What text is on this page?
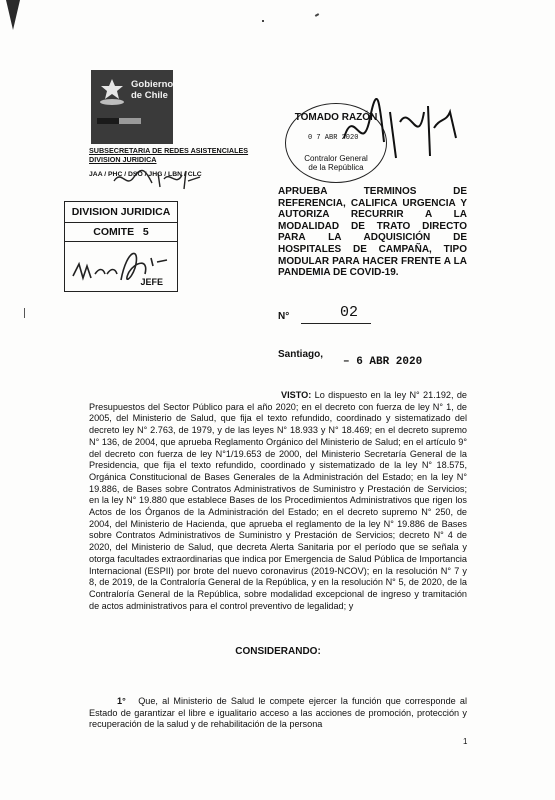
Gobierno
de Chile
SUBSECRETARIA DE REDES ASISTENCIALES
DIVISION JURIDICA
JAA / PHC / DSO / JHG / LBN / CLC
DIVISION JURIDICA
COMITE 5
JEFE
TOMADO RAZÓN
0 7 ABR 2020
Contralor General
de la República
APRUEBA TERMINOS DE REFERENCIA, CALIFICA URGENCIA Y AUTORIZA RECURRIR A LA MODALIDAD DE TRATO DIRECTO PARA LA ADQUISICIÓN DE HOSPITALES DE CAMPAÑA, TIPO MODULAR PARA HACER FRENTE A LA PANDEMIA DE COVID-19.
N°	02
Santiago,
– 6 ABR 2020
VISTO: Lo dispuesto en la ley N° 21.192, de Presupuestos del Sector Público para el año 2020; en el decreto con fuerza de ley N° 1, de 2005, del Ministerio de Salud, que fija el texto refundido, coordinado y sistematizado del decreto ley N° 2.763, de 1979, y de las leyes N° 18.933 y N° 18.469; en el decreto supremo N° 136, de 2004, que aprueba Reglamento Orgánico del Ministerio de Salud; en el artículo 9° del decreto con fuerza de ley N°1/19.653 de 2000, del Ministerio Secretaría General de la Presidencia, que fija el texto refundido, coordinado y sistematizado de la ley N° 18.575, Orgánica Constitucional de Bases Generales de la Administración del Estado; en la ley N° 19.886, de Bases sobre Contratos Administrativos de Suministro y Prestación de Servicios; en la ley N° 19.880 que establece Bases de los Procedimientos Administrativos que rigen los Actos de los Órganos de la Administración del Estado; en el decreto supremo N° 250, de 2004, del Ministerio de Hacienda, que aprueba el reglamento de la ley N° 19.886 de Bases sobre Contratos Administrativos de Suministro y Prestación de Servicios; decreto N° 4 de 2020, del Ministerio de Salud, que decreta Alerta Sanitaria por el período que se señala y otorga facultades extraordinarias que indica por Emergencia de Salud Pública de Importancia Internacional (ESPII) por brote del nuevo coronavirus (2019-NCOV); en la resolución N° 7 y 8, de 2019, de la Contraloría General de la República, y en la resolución N° 5, de 2020, de la Contraloría General de la República, sobre modalidad excepcional de ingreso y tramitación de actos administrativos para el control preventivo de legalidad; y
CONSIDERANDO:
1° Que, al Ministerio de Salud le compete ejercer la función que corresponde al Estado de garantizar el libre e igualitario acceso a las acciones de promoción, protección y recuperación de la salud y de rehabilitación de la persona
1
